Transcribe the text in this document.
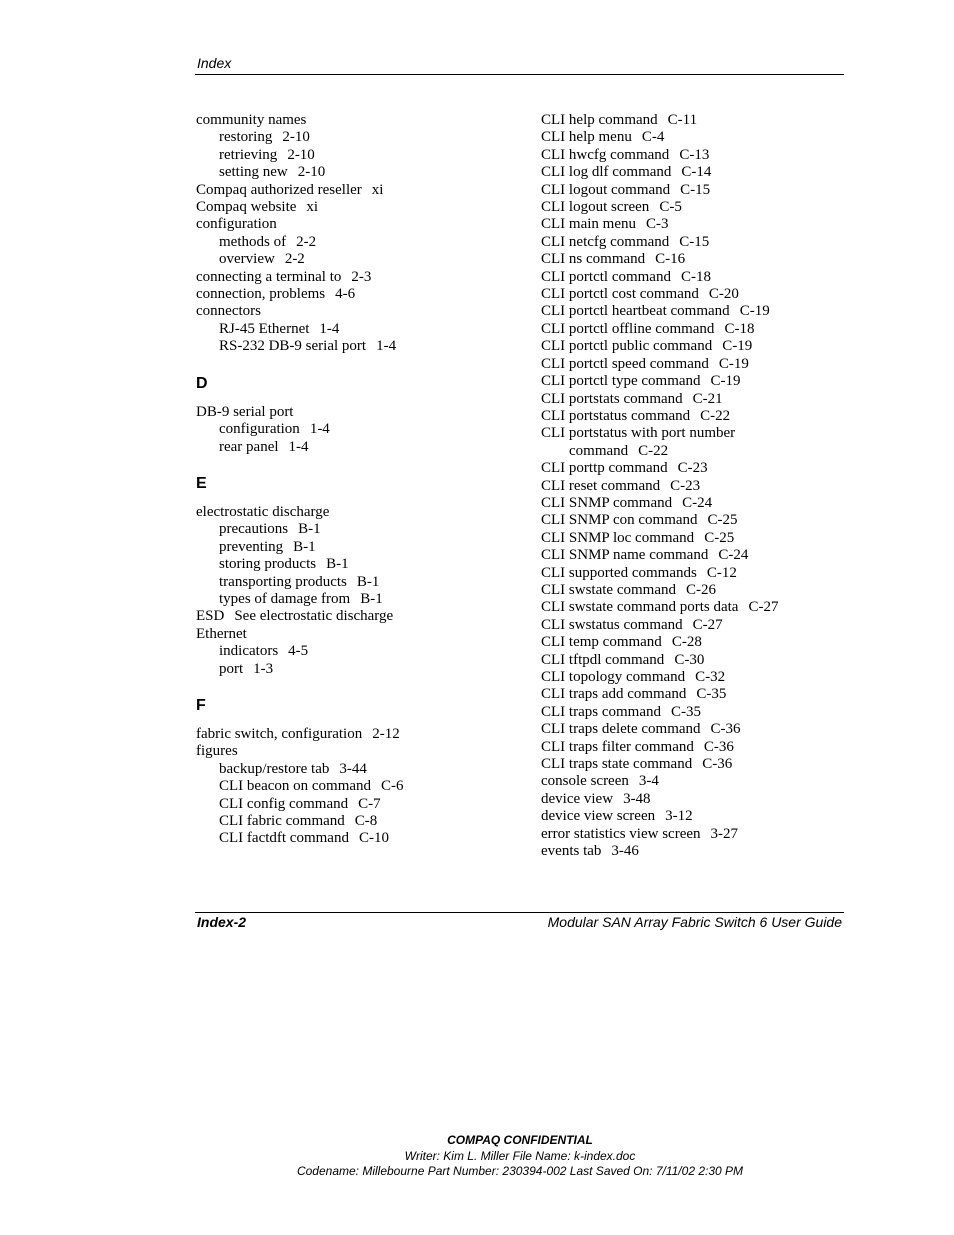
Index
community names
restoring 2-10
retrieving 2-10
setting new 2-10
Compaq authorized reseller xi
Compaq website xi
configuration
methods of 2-2
overview 2-2
connecting a terminal to 2-3
connection, problems 4-6
connectors
RJ-45 Ethernet 1-4
RS-232 DB-9 serial port 1-4
D
DB-9 serial port
configuration 1-4
rear panel 1-4
E
electrostatic discharge
precautions B-1
preventing B-1
storing products B-1
transporting products B-1
types of damage from B-1
ESD See electrostatic discharge
Ethernet
indicators 4-5
port 1-3
F
fabric switch, configuration 2-12
figures
backup/restore tab 3-44
CLI beacon on command C-6
CLI config command C-7
CLI fabric command C-8
CLI factdft command C-10
CLI help command C-11
CLI help menu C-4
CLI hwcfg command C-13
CLI log dlf command C-14
CLI logout command C-15
CLI logout screen C-5
CLI main menu C-3
CLI netcfg command C-15
CLI ns command C-16
CLI portctl command C-18
CLI portctl cost command C-20
CLI portctl heartbeat command C-19
CLI portctl offline command C-18
CLI portctl public command C-19
CLI portctl speed command C-19
CLI portctl type command C-19
CLI portstats command C-21
CLI portstatus command C-22
CLI portstatus with port number
command C-22
CLI porttp command C-23
CLI reset command C-23
CLI SNMP command C-24
CLI SNMP con command C-25
CLI SNMP loc command C-25
CLI SNMP name command C-24
CLI supported commands C-12
CLI swstate command C-26
CLI swstate command ports data C-27
CLI swstatus command C-27
CLI temp command C-28
CLI tftpdl command C-30
CLI topology command C-32
CLI traps add command C-35
CLI traps command C-35
CLI traps delete command C-36
CLI traps filter command C-36
CLI traps state command C-36
console screen 3-4
device view 3-48
device view screen 3-12
error statistics view screen 3-27
events tab 3-46
Index-2	Modular SAN Array Fabric Switch 6 User Guide
COMPAQ CONFIDENTIAL
Writer: Kim L. Miller File Name: k-index.doc
Codename: Millebourne Part Number: 230394-002 Last Saved On: 7/11/02 2:30 PM
